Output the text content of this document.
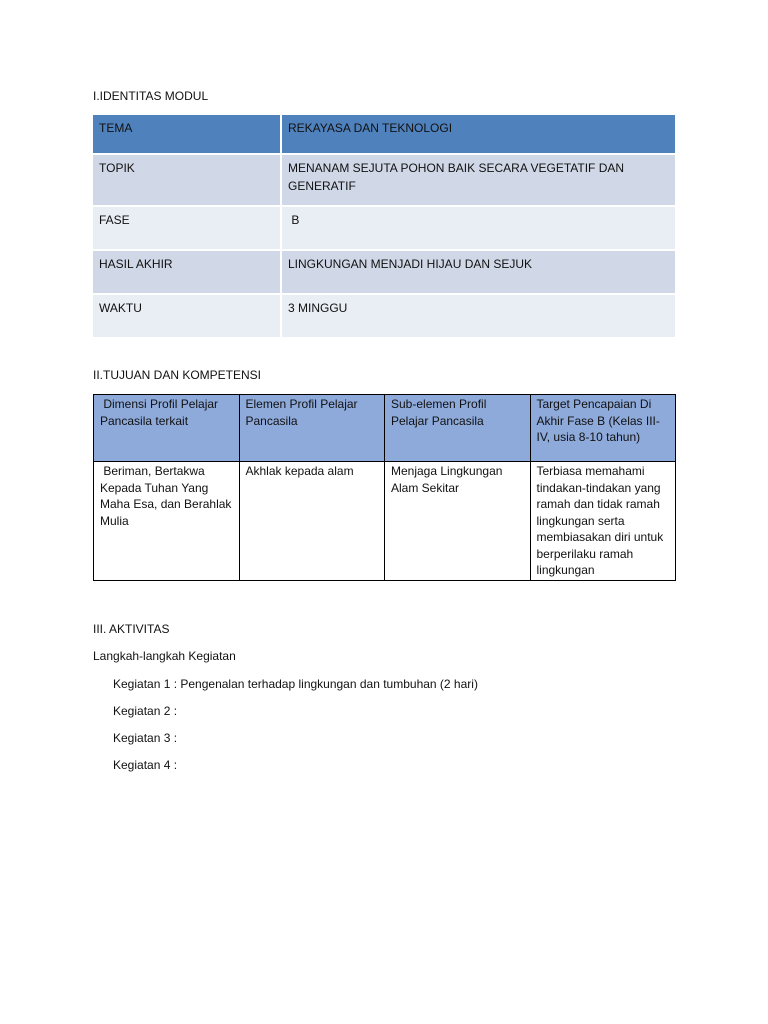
I.IDENTITAS MODUL
TEMA	REKAYASA DAN TEKNOLOGI
TOPIK	MENANAM SEJUTA POHON BAIK SECARA VEGETATIF DAN GENERATIF
FASE	B
HASIL AKHIR	LINGKUNGAN MENJADI HIJAU DAN SEJUK
WAKTU	3 MINGGU
II.TUJUAN DAN KOMPETENSI
Dimensi Profil Pelajar Pancasila terkait	Elemen Profil Pelajar Pancasila	Sub-elemen Profil Pelajar Pancasila	Target Pencapaian Di Akhir Fase B (Kelas III-IV, usia 8-10 tahun)
Beriman, Bertakwa Kepada Tuhan Yang Maha Esa, dan Berahlak Mulia	Akhlak kepada alam	Menjaga Lingkungan Alam Sekitar	Terbiasa memahami tindakan-tindakan yang ramah dan tidak ramah lingkungan serta membiasakan diri untuk berperilaku ramah lingkungan
III. AKTIVITAS
Langkah-langkah Kegiatan
Kegiatan 1 : Pengenalan terhadap lingkungan dan tumbuhan (2 hari)
Kegiatan 2 :
Kegiatan 3 :
Kegiatan 4 :
